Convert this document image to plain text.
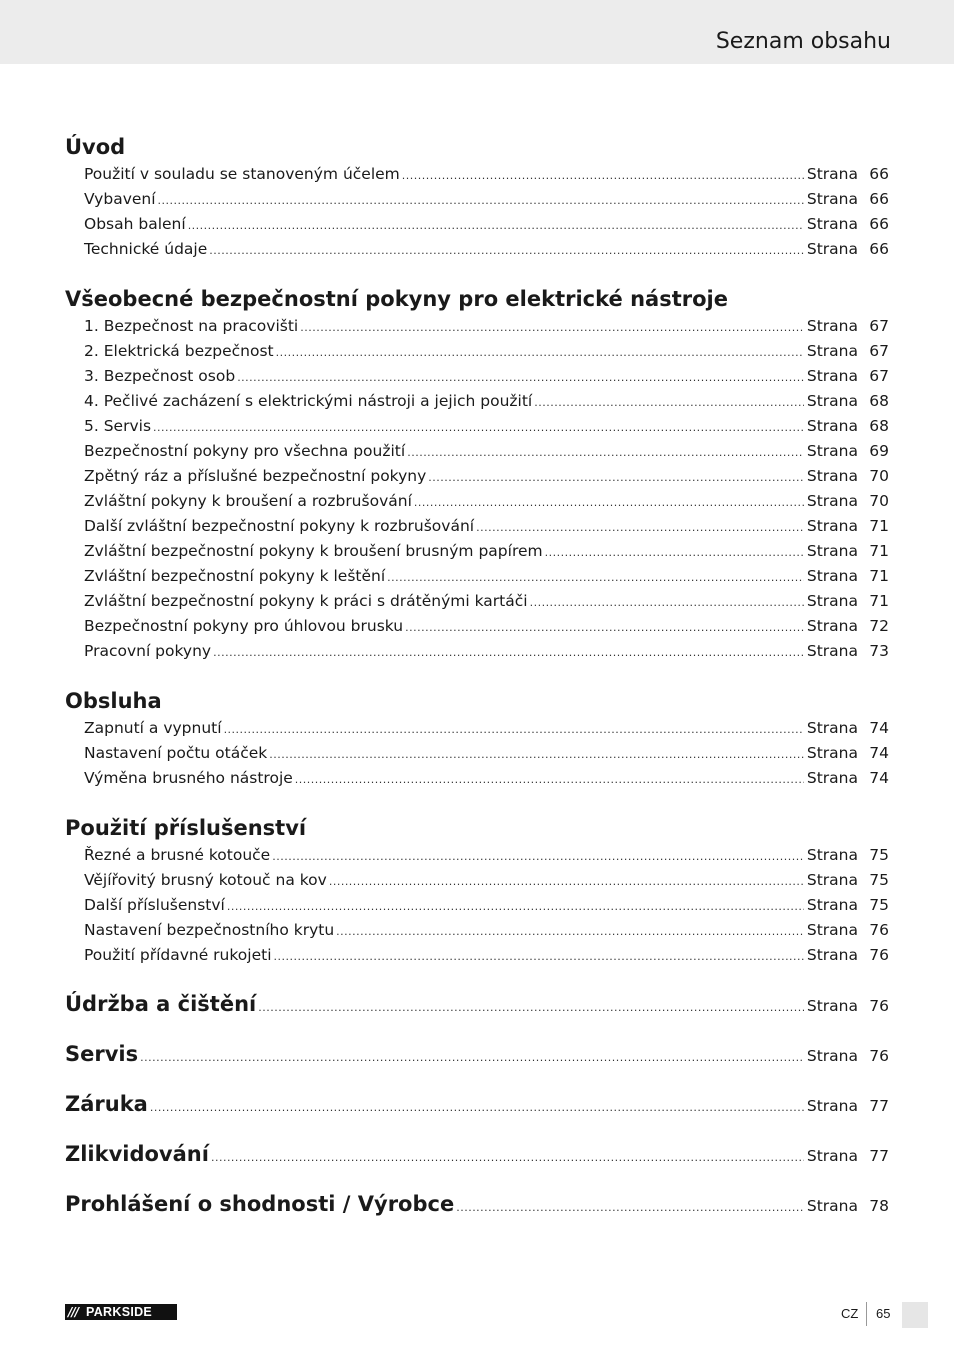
Seznam obsahu
Úvod
Použití v souladu se stanoveným účelem .....	Strana 66
Vybavení .....	Strana 66
Obsah balení .....	Strana 66
Technické údaje .....	Strana 66
Všeobecné bezpečnostní pokyny pro elektrické nástroje
1. Bezpečnost na pracovišti .....	Strana 67
2. Elektrická bezpečnost .....	Strana 67
3. Bezpečnost osob .....	Strana 67
4. Pečlivé zacházení s elektrickými nástroji a jejich použití .....	Strana 68
5. Servis .....	Strana 68
Bezpečnostní pokyny pro všechna použití .....	Strana 69
Zpětný ráz a příslušné bezpečnostní pokyny .....	Strana 70
Zvláštní pokyny k broušení a rozbrušování .....	Strana 70
Další zvláštní bezpečnostní pokyny k rozbrušování .....	Strana 71
Zvláštní bezpečnostní pokyny k broušení brusným papírem .....	Strana 71
Zvláštní bezpečnostní pokyny k leštění .....	Strana 71
Zvláštní bezpečnostní pokyny k práci s drátěnými kartáči .....	Strana 71
Bezpečnostní pokyny pro úhlovou brusku .....	Strana 72
Pracovní pokyny .....	Strana 73
Obsluha
Zapnutí a vypnutí .....	Strana 74
Nastavení počtu otáček .....	Strana 74
Výměna brusného nástroje .....	Strana 74
Použití příslušenství
Řezné a brusné kotouče .....	Strana 75
Vějířovitý brusný kotouč na kov .....	Strana 75
Další příslušenství .....	Strana 75
Nastavení bezpečnostního krytu .....	Strana 76
Použití přídavné rukojeti .....	Strana 76
Údržba a čištění .....	Strana 76
Servis .....	Strana 76
Záruka .....	Strana 77
Zlikvidování .....	Strana 77
Prohlášení o shodnosti / Výrobce .....	Strana 78
/// PARKSIDE	CZ 65
